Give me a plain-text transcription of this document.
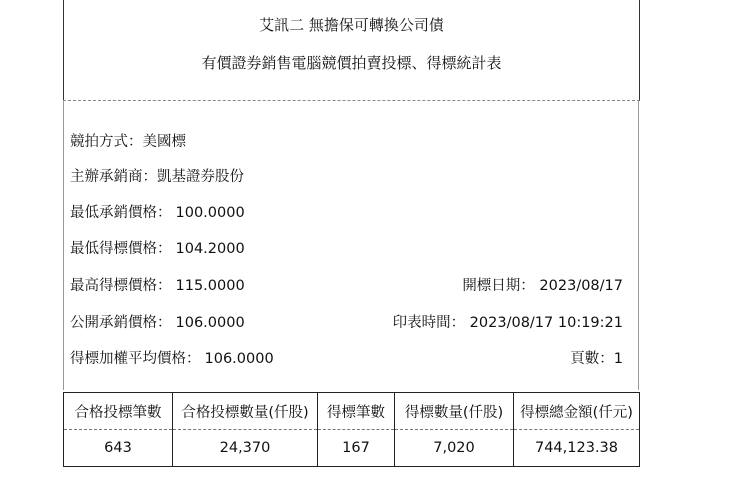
艾訊二 無擔保可轉換公司債
有價證券銷售電腦競價拍賣投標、得標統計表
競拍方式：美國標
主辦承銷商：凱基證券股份
最低承銷價格： 100.0000
最低得標價格： 104.2000
最高得標價格： 115.0000
公開承銷價格： 106.0000
得標加權平均價格： 106.0000
開標日期： 2023/08/17
印表時間： 2023/08/17 10:19:21
頁數：1
合格投標筆數	合格投標數量(仟股)	得標筆數	得標數量(仟股)	得標總金額(仟元)
643	24,370	167	7,020	744,123.38
